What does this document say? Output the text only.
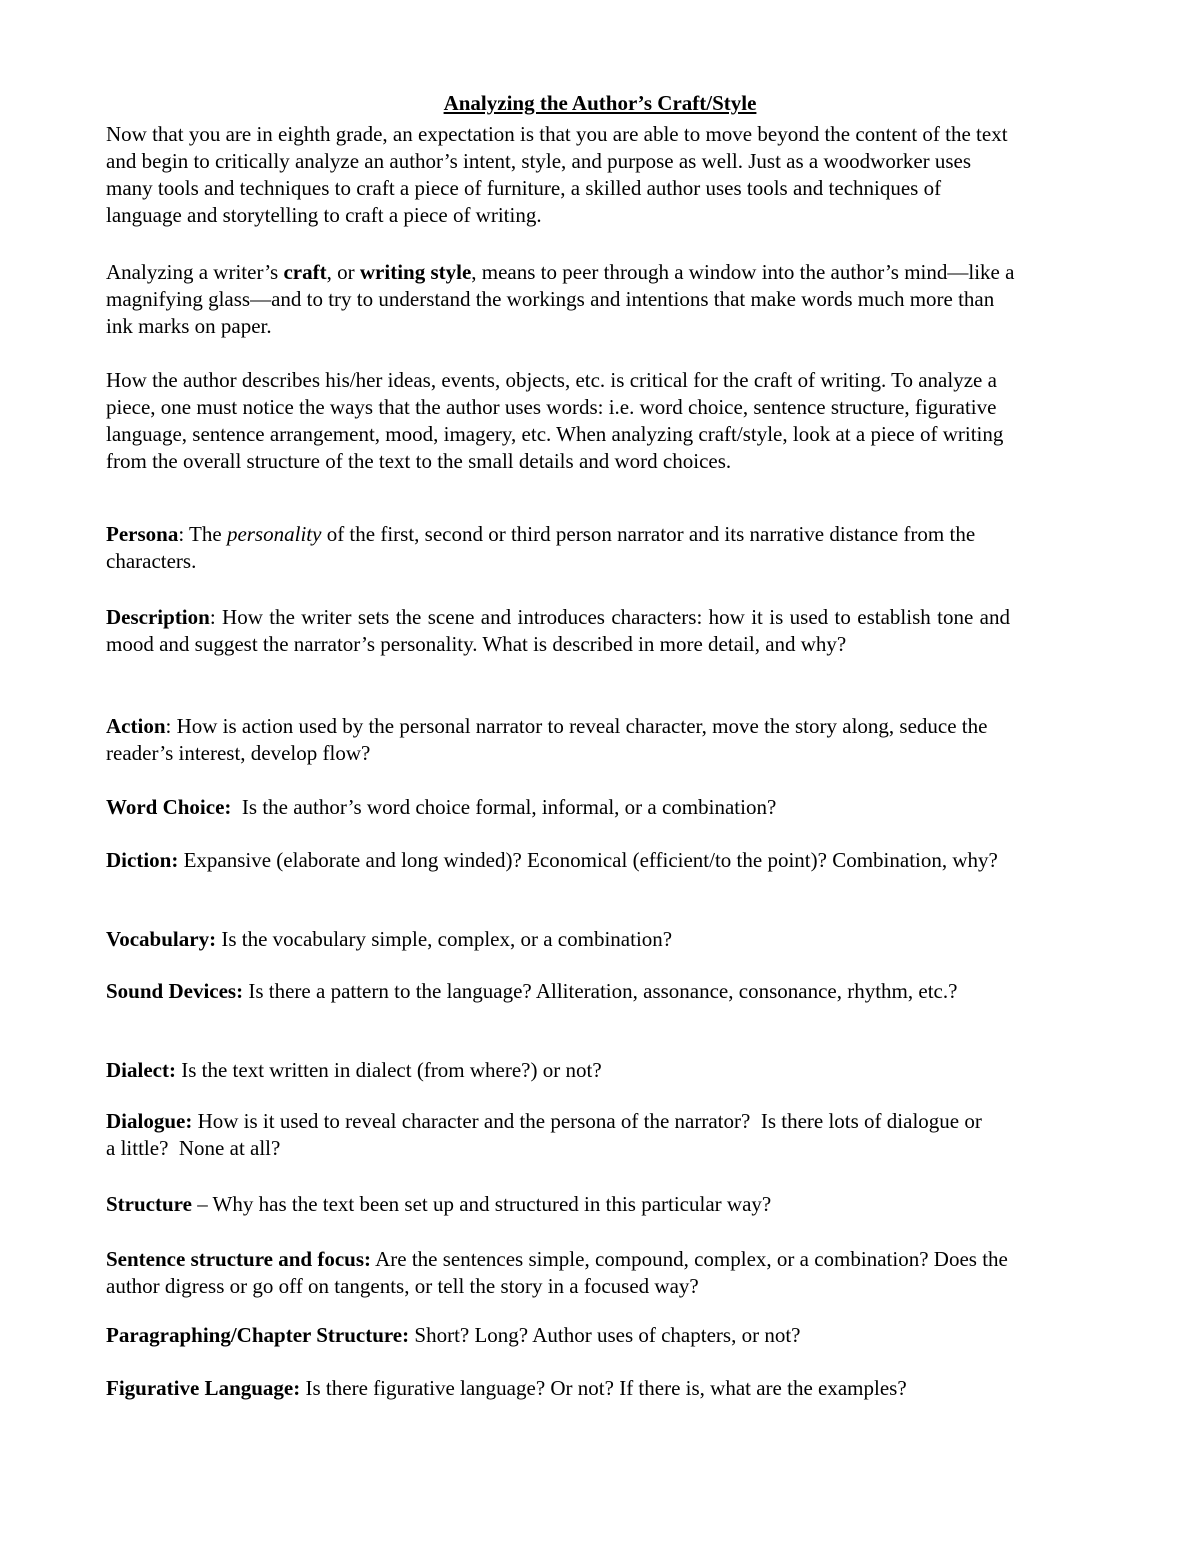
Analyzing the Author’s Craft/Style

Now that you are in eighth grade, an expectation is that you are able to move beyond the content of the text and begin to critically analyze an author’s intent, style, and purpose as well. Just as a woodworker uses many tools and techniques to craft a piece of furniture, a skilled author uses tools and techniques of language and storytelling to craft a piece of writing.

Analyzing a writer’s craft, or writing style, means to peer through a window into the author’s mind—like a magnifying glass—and to try to understand the workings and intentions that make words much more than ink marks on paper.

How the author describes his/her ideas, events, objects, etc. is critical for the craft of writing. To analyze a piece, one must notice the ways that the author uses words: i.e. word choice, sentence structure, figurative language, sentence arrangement, mood, imagery, etc. When analyzing craft/style, look at a piece of writing from the overall structure of the text to the small details and word choices.

Persona: The personality of the first, second or third person narrator and its narrative distance from the characters.

Description: How the writer sets the scene and introduces characters: how it is used to establish tone and mood and suggest the narrator’s personality. What is described in more detail, and why?

Action: How is action used by the personal narrator to reveal character, move the story along, seduce the reader’s interest, develop flow?

Word Choice:  Is the author’s word choice formal, informal, or a combination?

Diction: Expansive (elaborate and long winded)? Economical (efficient/to the point)? Combination, why?

Vocabulary: Is the vocabulary simple, complex, or a combination?

Sound Devices: Is there a pattern to the language? Alliteration, assonance, consonance, rhythm, etc.?

Dialect: Is the text written in dialect (from where?) or not?

Dialogue: How is it used to reveal character and the persona of the narrator?  Is there lots of dialogue or a little?  None at all?

Structure – Why has the text been set up and structured in this particular way?

Sentence structure and focus: Are the sentences simple, compound, complex, or a combination? Does the author digress or go off on tangents, or tell the story in a focused way?

Paragraphing/Chapter Structure: Short? Long? Author uses of chapters, or not?

Figurative Language: Is there figurative language? Or not? If there is, what are the examples?
